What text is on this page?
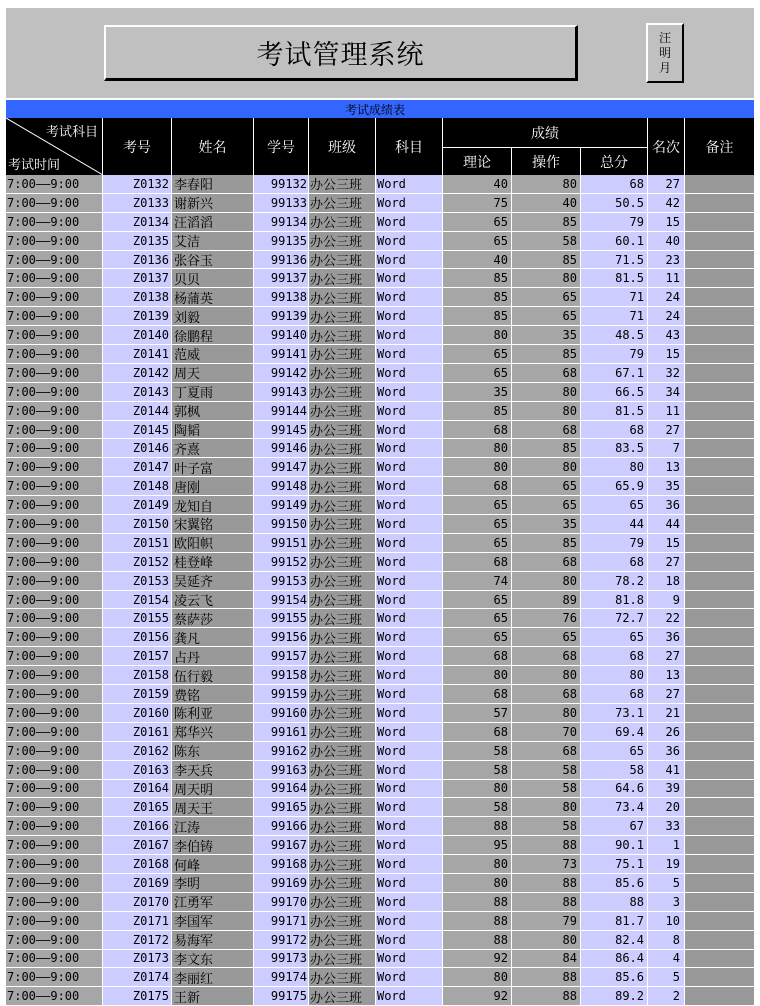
考试管理系统
汪
明
月
考试成绩表
考试科目
考试时间
考号	姓名	学号	班级	科目
成绩
理论	操作	总分
名次	备注
7:00——9:00	Z0132 李春阳	99132 办公三班	Word	40	80	68	27
7:00——9:00	Z0133 谢新兴	99133 办公三班	Word	75	40	50.5	42
7:00——9:00	Z0134 汪滔滔	99134 办公三班	Word	65	85	79	15
7:00——9:00	Z0135 艾洁	99135 办公三班	Word	65	58	60.1	40
7:00——9:00	Z0136 张谷玉	99136 办公三班	Word	40	85	71.5	23
7:00——9:00	Z0137 贝贝	99137 办公三班	Word	85	80	81.5	11
7:00——9:00	Z0138 杨蒲英	99138 办公三班	Word	85	65	71	24
7:00——9:00	Z0139 刘毅	99139 办公三班	Word	85	65	71	24
7:00——9:00	Z0140 徐鹏程	99140 办公三班	Word	80	35	48.5	43
7:00——9:00	Z0141 范威	99141 办公三班	Word	65	85	79	15
7:00——9:00	Z0142 周天	99142 办公三班	Word	65	68	67.1	32
7:00——9:00	Z0143 丁夏雨	99143 办公三班	Word	35	80	66.5	34
7:00——9:00	Z0144 郭枫	99144 办公三班	Word	85	80	81.5	11
7:00——9:00	Z0145 陶韬	99145 办公三班	Word	68	68	68	27
7:00——9:00	Z0146 齐熹	99146 办公三班	Word	80	85	83.5	7
7:00——9:00	Z0147 叶子富	99147 办公三班	Word	80	80	80	13
7:00——9:00	Z0148 唐刚	99148 办公三班	Word	68	65	65.9	35
7:00——9:00	Z0149 龙知自	99149 办公三班	Word	65	65	65	36
7:00——9:00	Z0150 宋翼铭	99150 办公三班	Word	65	35	44	44
7:00——9:00	Z0151 欧阳帜	99151 办公三班	Word	65	85	79	15
7:00——9:00	Z0152 桂登峰	99152 办公三班	Word	68	68	68	27
7:00——9:00	Z0153 吴延齐	99153 办公三班	Word	74	80	78.2	18
7:00——9:00	Z0154 凌云飞	99154 办公三班	Word	65	89	81.8	9
7:00——9:00	Z0155 蔡萨莎	99155 办公三班	Word	65	76	72.7	22
7:00——9:00	Z0156 龚凡	99156 办公三班	Word	65	65	65	36
7:00——9:00	Z0157 占丹	99157 办公三班	Word	68	68	68	27
7:00——9:00	Z0158 伍行毅	99158 办公三班	Word	80	80	80	13
7:00——9:00	Z0159 费铭	99159 办公三班	Word	68	68	68	27
7:00——9:00	Z0160 陈利亚	99160 办公三班	Word	57	80	73.1	21
7:00——9:00	Z0161 郑华兴	99161 办公三班	Word	68	70	69.4	26
7:00——9:00	Z0162 陈东	99162 办公三班	Word	58	68	65	36
7:00——9:00	Z0163 李天兵	99163 办公三班	Word	58	58	58	41
7:00——9:00	Z0164 周天明	99164 办公三班	Word	80	58	64.6	39
7:00——9:00	Z0165 周天王	99165 办公三班	Word	58	80	73.4	20
7:00——9:00	Z0166 江涛	99166 办公三班	Word	88	58	67	33
7:00——9:00	Z0167 李伯铸	99167 办公三班	Word	95	88	90.1	1
7:00——9:00	Z0168 何峰	99168 办公三班	Word	80	73	75.1	19
7:00——9:00	Z0169 李明	99169 办公三班	Word	80	88	85.6	5
7:00——9:00	Z0170 江勇军	99170 办公三班	Word	88	88	88	3
7:00——9:00	Z0171 李国军	99171 办公三班	Word	88	79	81.7	10
7:00——9:00	Z0172 易海军	99172 办公三班	Word	88	80	82.4	8
7:00——9:00	Z0173 李文东	99173 办公三班	Word	92	84	86.4	4
7:00——9:00	Z0174 李丽红	99174 办公三班	Word	80	88	85.6	5
7:00——9:00	Z0175 王新	99175 办公三班	Word	92	88	89.2	2
